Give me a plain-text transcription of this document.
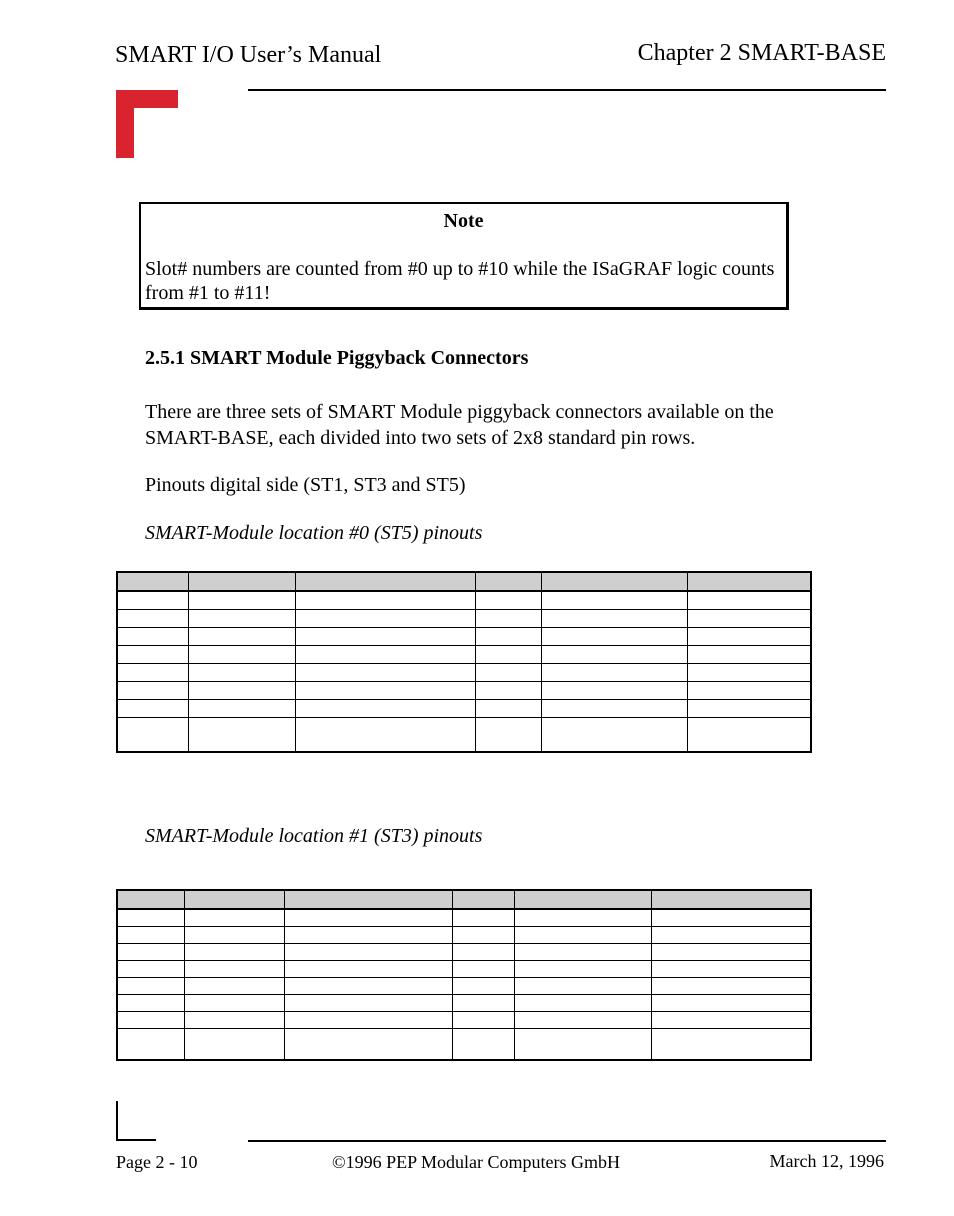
SMART I/O User’s Manual	Chapter 2 SMART-BASE
Note
Slot# numbers are counted from #0 up to #10 while the ISaGRAF logic counts from #1 to #11!
2.5.1 SMART Module Piggyback Connectors
There are three sets of SMART Module piggyback connectors available on the SMART-BASE, each divided into two sets of 2x8 standard pin rows.
Pinouts digital side (ST1, ST3 and ST5)
SMART-Module location #0 (ST5) pinouts

SMART-Module location #1 (ST3) pinouts

Page 2 - 10	©1996 PEP Modular Computers GmbH	March 12, 1996
